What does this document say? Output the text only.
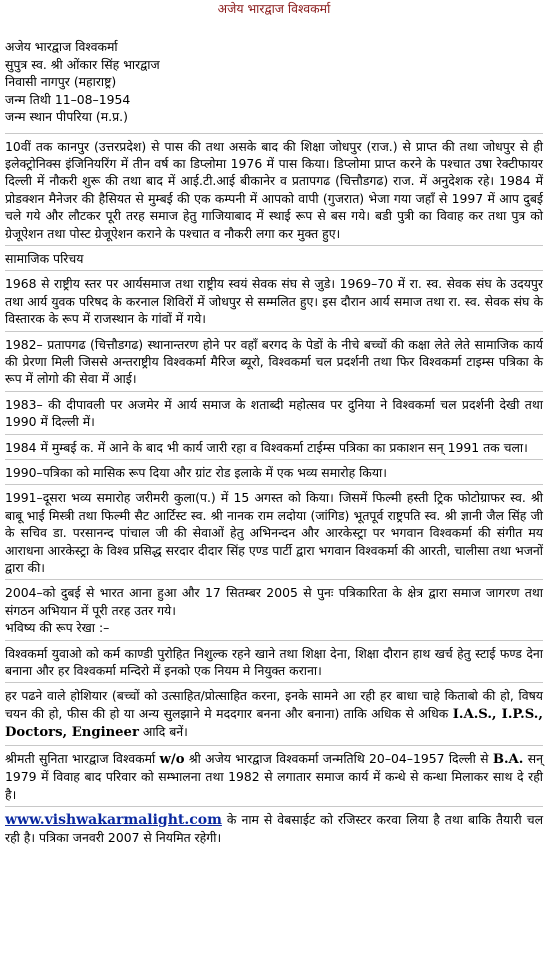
अजेय भारद्वाज विश्वकर्मा
अजेय भारद्वाज विश्वकर्मा
सुपुत्र स्व. श्री ओंकार सिंह भारद्वाज
निवासी नागपुर (महाराष्ट्र)
जन्म तिथी 11–08–1954
जन्म स्थान पीपरिया (म.प्र.)

10वीं तक कानपुर (उत्तरप्रदेश) से पास की तथा असके बाद की शिक्षा जोधपुर (राज.) से प्राप्त की तथा जोधपुर से ही इलेक्ट्रोनिक्स इंजिनियरिंग में तीन वर्ष का डिप्लोमा 1976 में पास किया। डिप्लोमा प्राप्त करने के पश्चात उषा रेक्टीफायर दिल्ली में नौकरी शुरू की तथा बाद में आई.टी.आई बीकानेर व प्रतापगढ (चित्तौडगढ) राज. में अनुदेशक रहे। 1984 में प्रोडक्शन मैनेजर की हैसियत से मुम्बई की एक कम्पनी में आपको वापी (गुजरात) भेजा गया जहाँ से 1997 में आप दुबई चले गये और लौटकर पूरी तरह समाज हेतु गाजियाबाद में स्थाई रूप से बस गये। बडी पुत्री का विवाह कर तथा पुत्र को ग्रेजूऐशन तथा पोस्ट ग्रेजूऐशन कराने के पश्चात व नौकरी लगा कर मुक्त हुए।

सामाजिक परिचय

1968 से राष्ट्रीय स्तर पर आर्यसमाज तथा राष्ट्रीय स्वयं सेवक संघ से जुडे। 1969–70 में रा. स्व. सेवक संघ के उदयपुर तथा आर्य युवक परिषद के करनाल शिविरों में जोधपुर से सम्मलित हुए। इस दौरान आर्य समाज तथा रा. स्व. सेवक संघ के विस्तारक के रूप में राजस्थान के गांवों में गये।

1982– प्रतापगढ (चित्तौडगढ) स्थानान्तरण होने पर वहाँ बरगद के पेडों के नीचे बच्चों की कक्षा लेते लेते सामाजिक कार्य की प्रेरणा मिली जिससे अन्तराष्ट्रीय विश्वकर्मा मैरिज ब्यूरो, विश्वकर्मा चल प्रदर्शनी तथा फिर विश्वकर्मा टाइम्स पत्रिका के रूप में लोगो की सेवा में आई।

1983– की दीपावली पर अजमेर में आर्य समाज के शताब्दी महोत्सव पर दुनिया ने विश्वकर्मा चल प्रदर्शनी देखी तथा 1990 में दिल्ली में।

1984 में मुम्बई क. में आने के बाद भी कार्य जारी रहा व विश्वकर्मा टाईम्स पत्रिका का प्रकाशन सन् 1991 तक चला।

1990–पत्रिका को मासिक रूप दिया और ग्रांट रोड इलाके में एक भव्य समारोह किया।

1991–दूसरा भव्य समारोह जरीमरी कुला(प.) में 15 अगस्त को किया। जिसमें फिल्मी हस्ती ट्रिक फोटोग्राफर स्व. श्री बाबू भाई मिस्त्री तथा फिल्मी सैट आर्टिस्ट स्व. श्री नानक राम लदोया (जांगिड) भूतपूर्व राष्ट्रपति स्व. श्री ज्ञानी जैल सिंह जी के सचिव डा. परसानन्द पांचाल जी की सेवाओं हेतु अभिनन्दन और आरकेस्ट्रा पर भगवान विश्वकर्मा की संगीत मय आराधना आरकेस्ट्रा के विश्व प्रसिद्ध सरदार दीदार सिंह एण्ड पार्टी द्वारा भगवान विश्वकर्मा की आरती, चालीसा तथा भजनों द्वारा की।

2004–को दुबई से भारत आना हुआ और 17 सितम्बर 2005 से पुनः पत्रिकारिता के क्षेत्र द्वारा समाज जागरण तथा संगठन अभियान में पूरी तरह उतर गये।

भविष्य की रूप रेखा :–

विश्वकर्मा युवाओ को कर्म काण्डी पुरोहित निशुल्क रहने खाने तथा शिक्षा देना, शिक्षा दौरान हाथ खर्च हेतु स्टाई फण्ड देना बनाना और हर विश्वकर्मा मन्दिरो में इनको एक नियम मे नियुक्त कराना।

हर पढने वाले होशियार (बच्चों को उत्साहित/प्रोत्साहित करना, इनके सामने आ रही हर बाधा चाहे किताबो की हो, विषय चयन की हो, फीस की हो या अन्य सुलझाने मे मददगार बनना और बनाना) ताकि अधिक से अधिक I.A.S., I.P.S., Doctors, Engineer आदि बनें।

श्रीमती सुनिता भारद्वाज विश्वकर्मा w/o श्री अजेय भारद्वाज विश्वकर्मा जन्मतिथि 20–04–1957 दिल्ली से B.A. सन् 1979 में विवाह बाद परिवार को सम्भालना तथा 1982 से लगातार समाज कार्य में कन्धे से कन्धा मिलाकर साथ दे रही है।

www.vishwakarmalight.com के नाम से वेबसाईट को रजिस्टर करवा लिया है तथा बाकि तैयारी चल रही है। पत्रिका जनवरी 2007 से नियमित रहेगी।
